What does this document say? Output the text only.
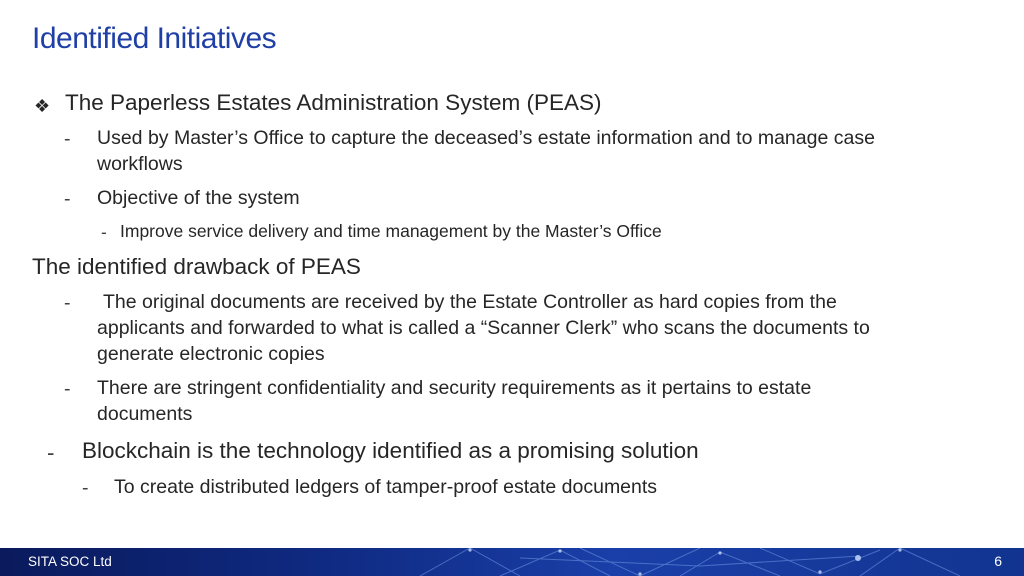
Identified Initiatives
❖ The Paperless Estates Administration System (PEAS)
- Used by Master’s Office to capture the deceased’s estate information and to manage case
workflows
- Objective of the system
- Improve service delivery and time management by the Master’s Office
The identified drawback of PEAS
- The original documents are received by the Estate Controller as hard copies from the
applicants and forwarded to what is called a “Scanner Clerk” who scans the documents to
generate electronic copies
- There are stringent confidentiality and security requirements as it pertains to estate
documents
- Blockchain is the technology identified as a promising solution
- To create distributed ledgers of tamper-proof estate documents
SITA SOC Ltd	6
